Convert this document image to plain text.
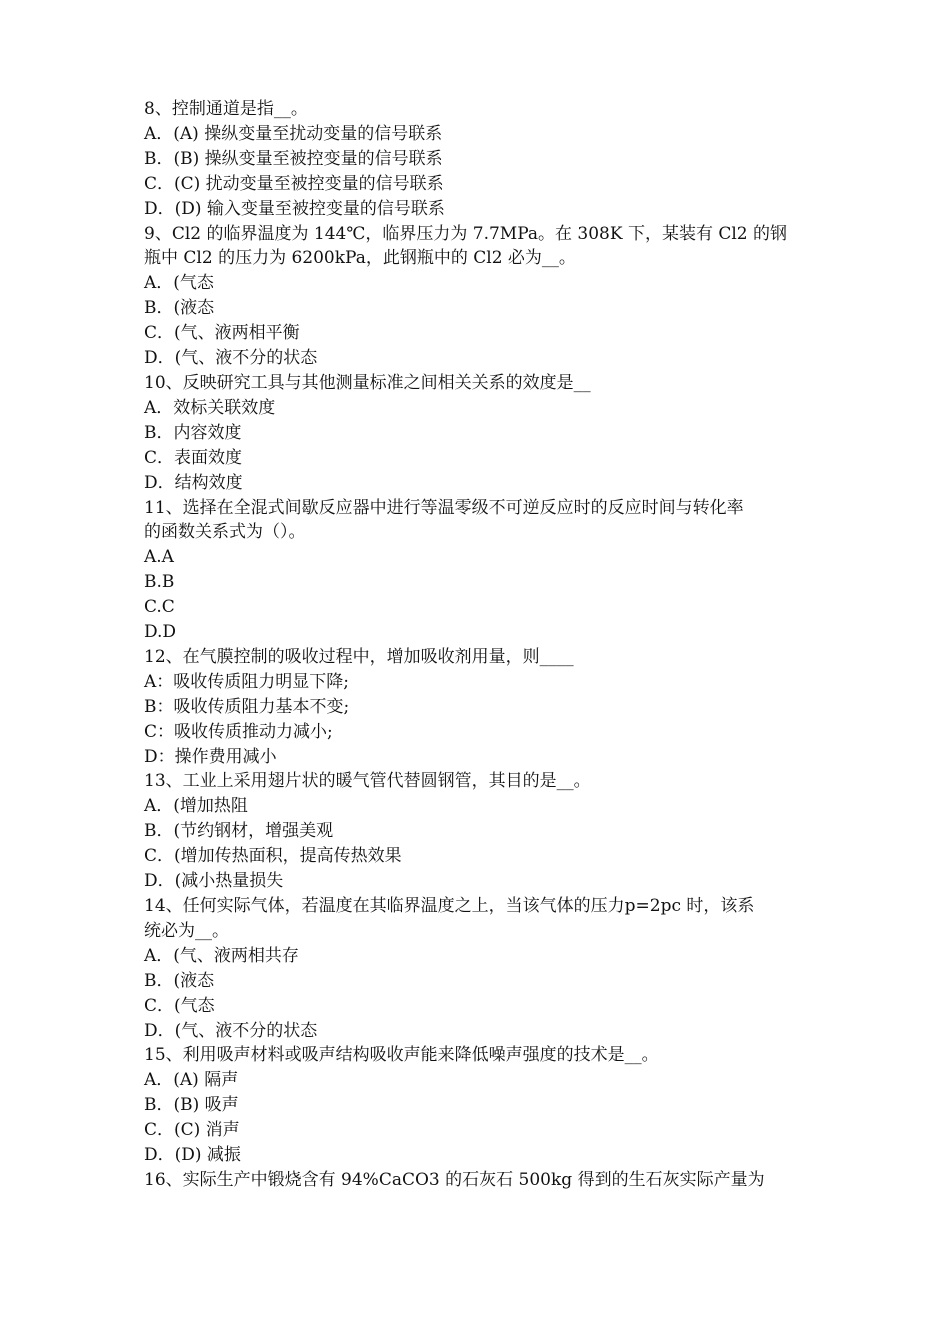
8、控制通道是指__。
A．(A) 操纵变量至扰动变量的信号联系
B．(B) 操纵变量至被控变量的信号联系
C．(C) 扰动变量至被控变量的信号联系
D．(D) 输入变量至被控变量的信号联系
9、Cl2 的临界温度为 144℃，临界压力为 7.7MPa。在 308K 下，某装有 Cl2 的钢
瓶中 Cl2 的压力为 6200kPa，此钢瓶中的 Cl2 必为__。
A．(气态
B．(液态
C．(气、液两相平衡
D．(气、液不分的状态
10、反映研究工具与其他测量标准之间相关关系的效度是__
A．效标关联效度
B．内容效度
C．表面效度
D．结构效度
11、选择在全混式间歇反应器中进行等温零级不可逆反应时的反应时间与转化率
的函数关系式为（）。
A.A
B.B
C.C
D.D
12、在气膜控制的吸收过程中，增加吸收剂用量，则____
A：吸收传质阻力明显下降;
B：吸收传质阻力基本不变;
C：吸收传质推动力减小;
D：操作费用减小
13、工业上采用翅片状的暖气管代替圆钢管，其目的是__。
A．(增加热阻
B．(节约钢材，增强美观
C．(增加传热面积，提高传热效果
D．(减小热量损失
14、任何实际气体，若温度在其临界温度之上，当该气体的压力p=2pc 时，该系
统必为__。
A．(气、液两相共存
B．(液态
C．(气态
D．(气、液不分的状态
15、利用吸声材料或吸声结构吸收声能来降低噪声强度的技术是__。
A．(A) 隔声
B．(B) 吸声
C．(C) 消声
D．(D) 减振
16、实际生产中锻烧含有 94%CaCO3 的石灰石 500kg 得到的生石灰实际产量为
